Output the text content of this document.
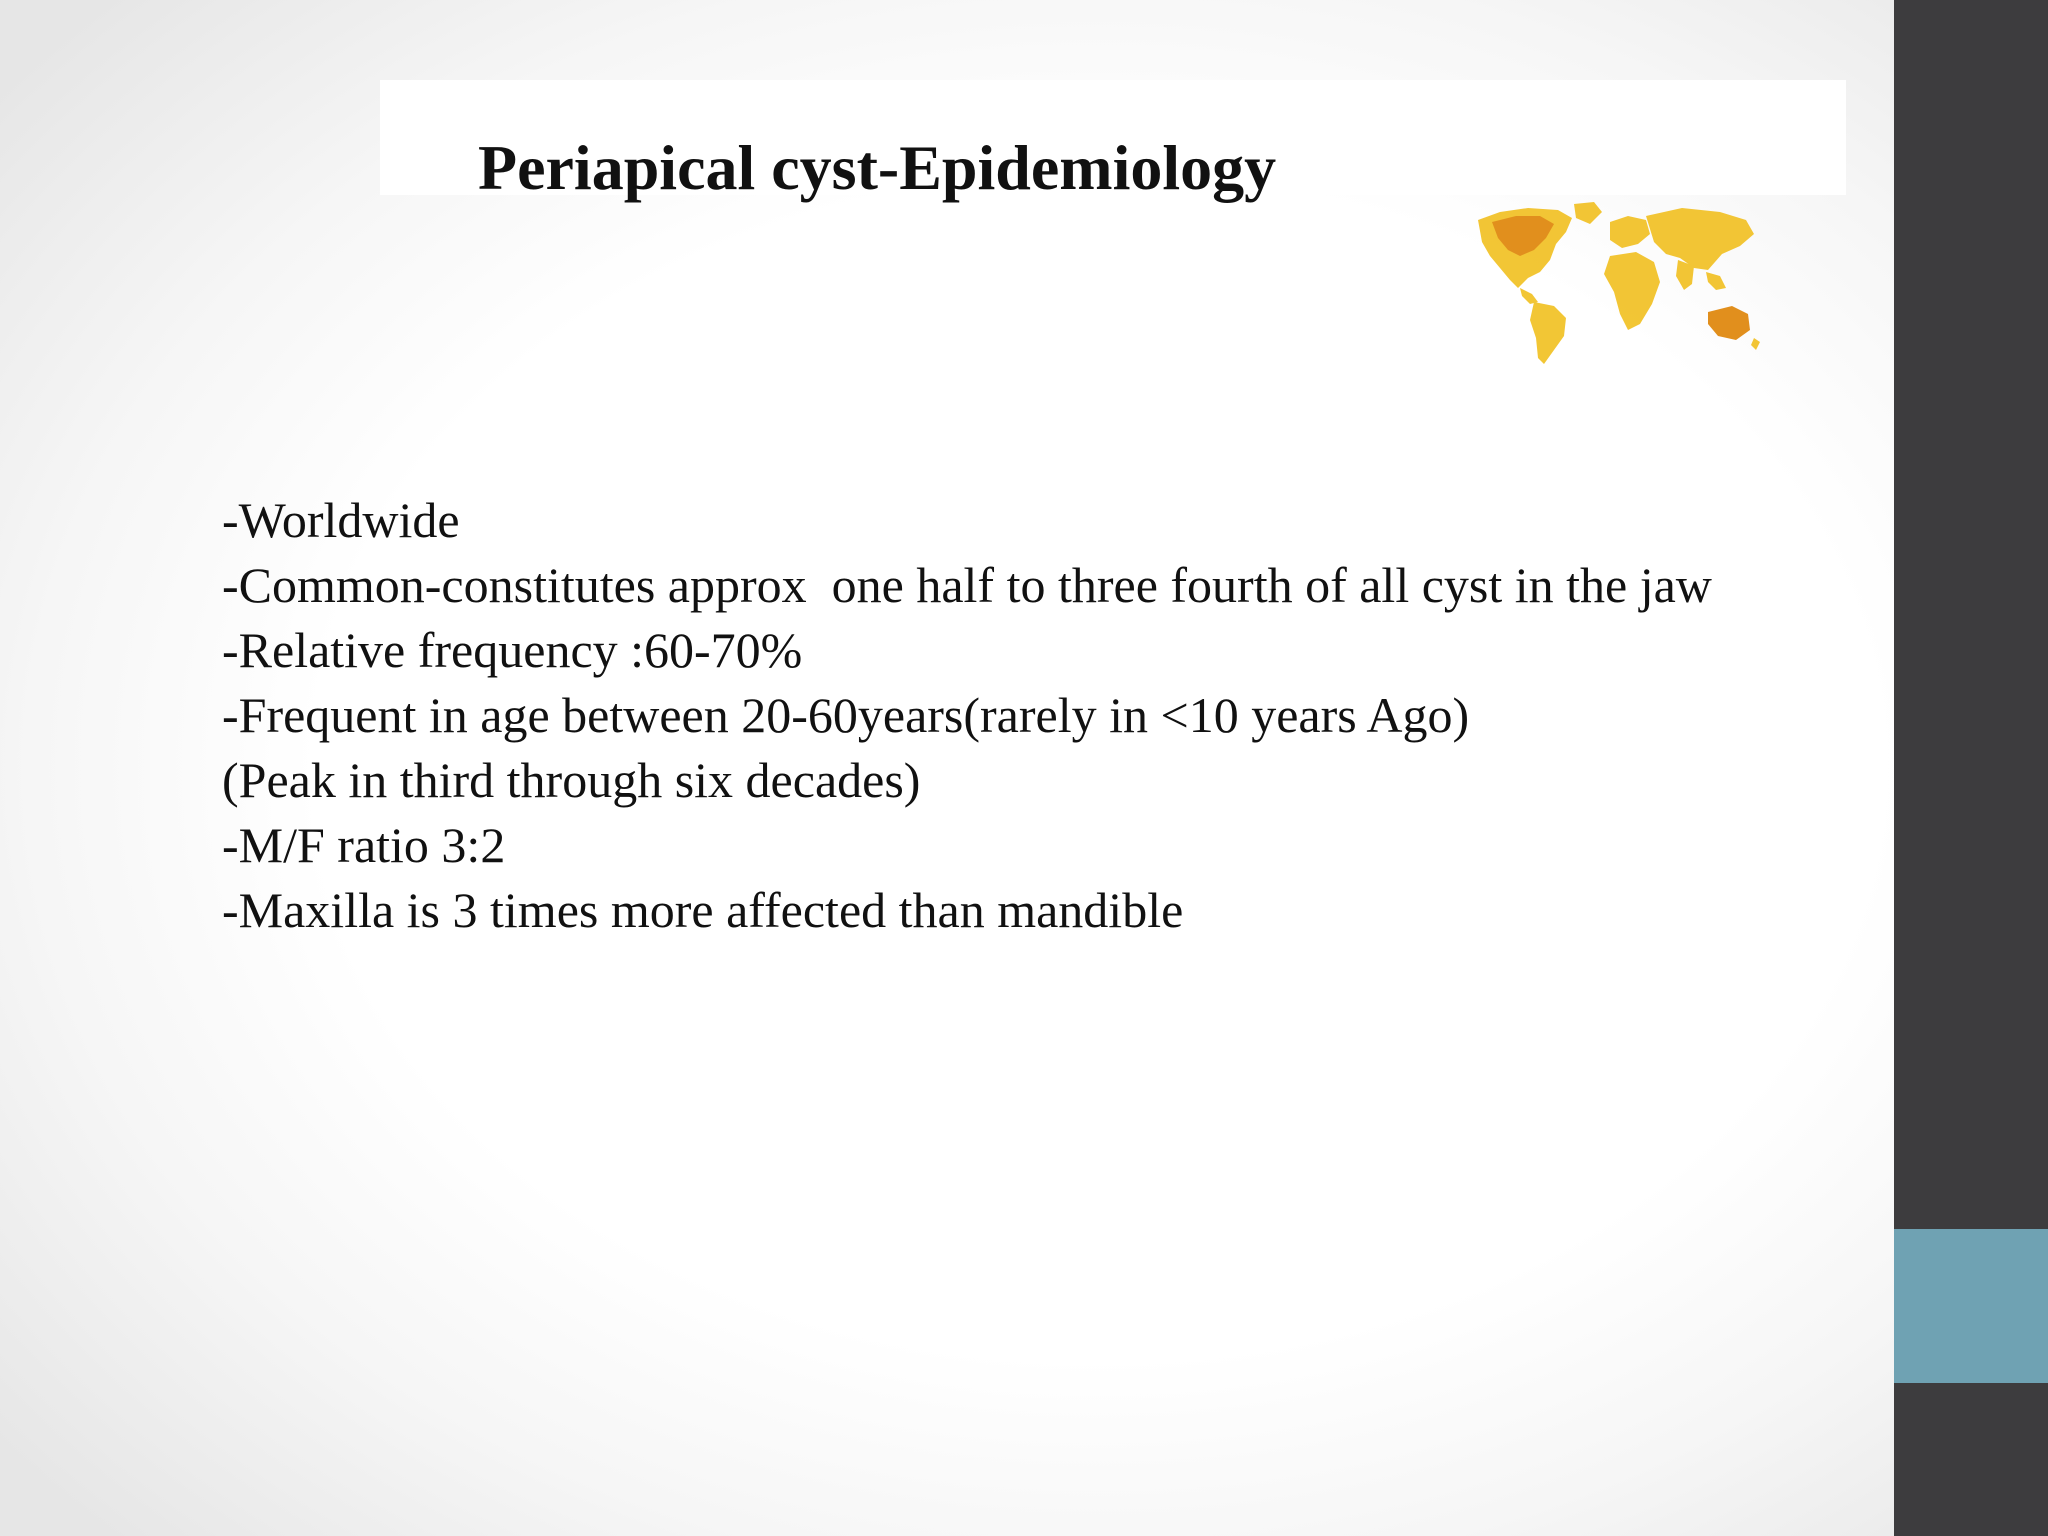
Periapical cyst-Epidemiology
-Worldwide
-Common-constitutes approx  one half to three fourth of all cyst in the jaw
-Relative frequency :60-70%
-Frequent in age between 20-60years(rarely in <10 years Ago)
(Peak in third through six decades)
-M/F ratio 3:2
-Maxilla is 3 times more affected than mandible
